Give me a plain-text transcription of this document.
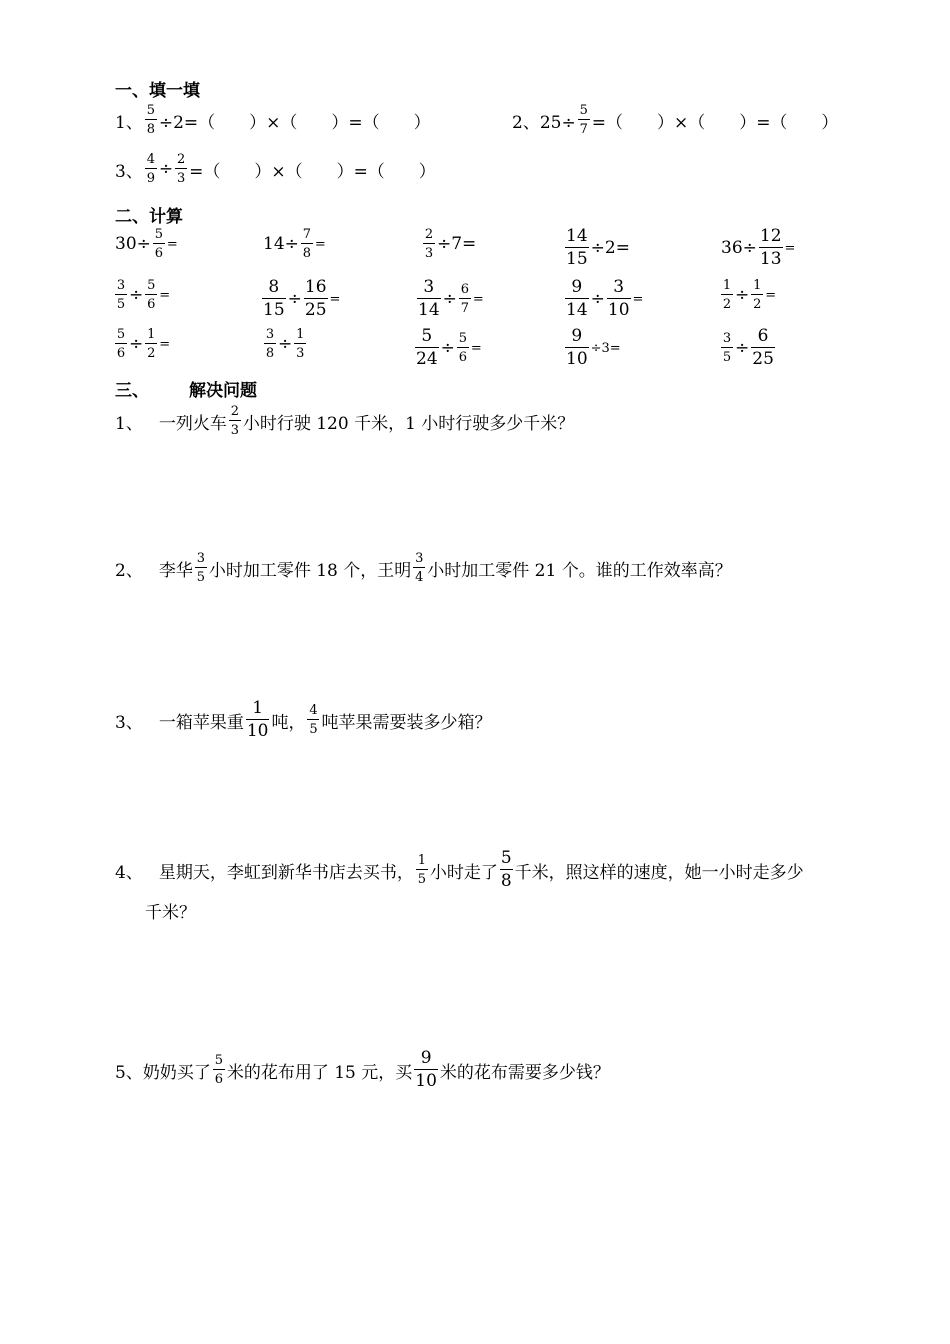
一、填一填
1、 $\frac{5}{8} \div 2=$（　　）×（　　）=（　　）	2、$25\div \frac{5}{7}$ =（　　）×（　　）=（　　）
3、 $\frac{4}{9} \div \frac{2}{3}$ =（　　）×（　　）=（　　）
二、计算
$30\div \frac{5}{6}$ =	$14\div \frac{7}{8}$ =	$\frac{2}{3} \div 7=$	$\frac{14}{15} \div 2=$	$36\div \frac{12}{13}$ =
$\frac{3}{5} \div \frac{5}{6}$ =	$\frac{8}{15} \div \frac{16}{25}$ =	$\frac{3}{14} \div \frac{6}{7}$ =	$\frac{9}{14} \div \frac{3}{10}$ =	$\frac{1}{2} \div \frac{1}{2}$ =
$\frac{5}{6} \div \frac{1}{2}$ =	$\frac{3}{8} \div \frac{1}{3}$	$\frac{5}{24} \div \frac{5}{6}$ =	$\frac{9}{10} \div 3=$	$\frac{3}{5} \div \frac{6}{25}$
三、 解决问题
1、 一列火车 $\frac{2}{3}$ 小时行驶 120 千米，1 小时行驶多少千米？
2、 李华 $\frac{3}{5}$ 小时加工零件 18 个，王明 $\frac{3}{4}$ 小时加工零件 21 个。谁的工作效率高？
3、 一箱苹果重 $\frac{1}{10}$ 吨， $\frac{4}{5}$ 吨苹果需要装多少箱？
4、 星期天，李虹到新华书店去买书， $\frac{1}{5}$ 小时走了 $\frac{5}{8}$ 千米，照这样的速度，她一小时走多少
千米？
5、 奶奶买了 $\frac{5}{6}$ 米的花布用了 15 元，买 $\frac{9}{10}$ 米的花布需要多少钱？
